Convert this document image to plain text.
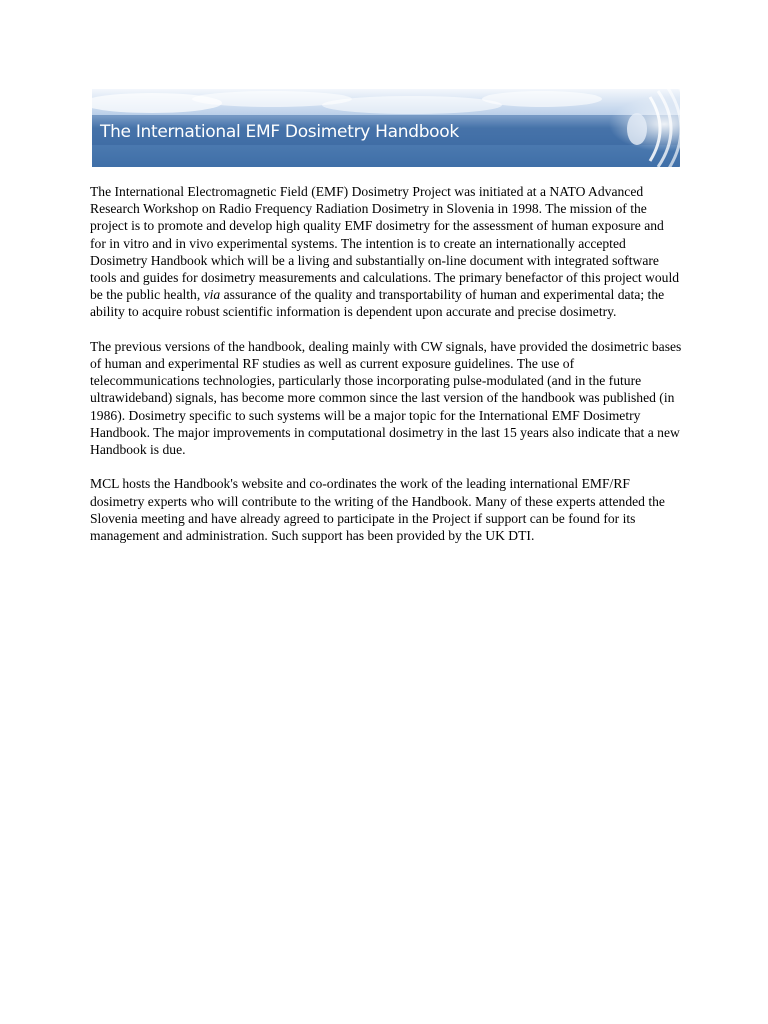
The International EMF Dosimetry Handbook

The International Electromagnetic Field (EMF) Dosimetry Project was initiated at a NATO Advanced Research Workshop on Radio Frequency Radiation Dosimetry in Slovenia in 1998. The mission of the project is to promote and develop high quality EMF dosimetry for the assessment of human exposure and for in vitro and in vivo experimental systems. The intention is to create an internationally accepted Dosimetry Handbook which will be a living and substantially on-line document with integrated software tools and guides for dosimetry measurements and calculations. The primary benefactor of this project would be the public health, via assurance of the quality and transportability of human and experimental data; the ability to acquire robust scientific information is dependent upon accurate and precise dosimetry.

The previous versions of the handbook, dealing mainly with CW signals, have provided the dosimetric bases of human and experimental RF studies as well as current exposure guidelines. The use of telecommunications technologies, particularly those incorporating pulse-modulated (and in the future ultrawideband) signals, has become more common since the last version of the handbook was published (in 1986). Dosimetry specific to such systems will be a major topic for the International EMF Dosimetry Handbook. The major improvements in computational dosimetry in the last 15 years also indicate that a new Handbook is due.

MCL hosts the Handbook's website and co-ordinates the work of the leading international EMF/RF dosimetry experts who will contribute to the writing of the Handbook. Many of these experts attended the Slovenia meeting and have already agreed to participate in the Project if support can be found for its management and administration. Such support has been provided by the UK DTI.
